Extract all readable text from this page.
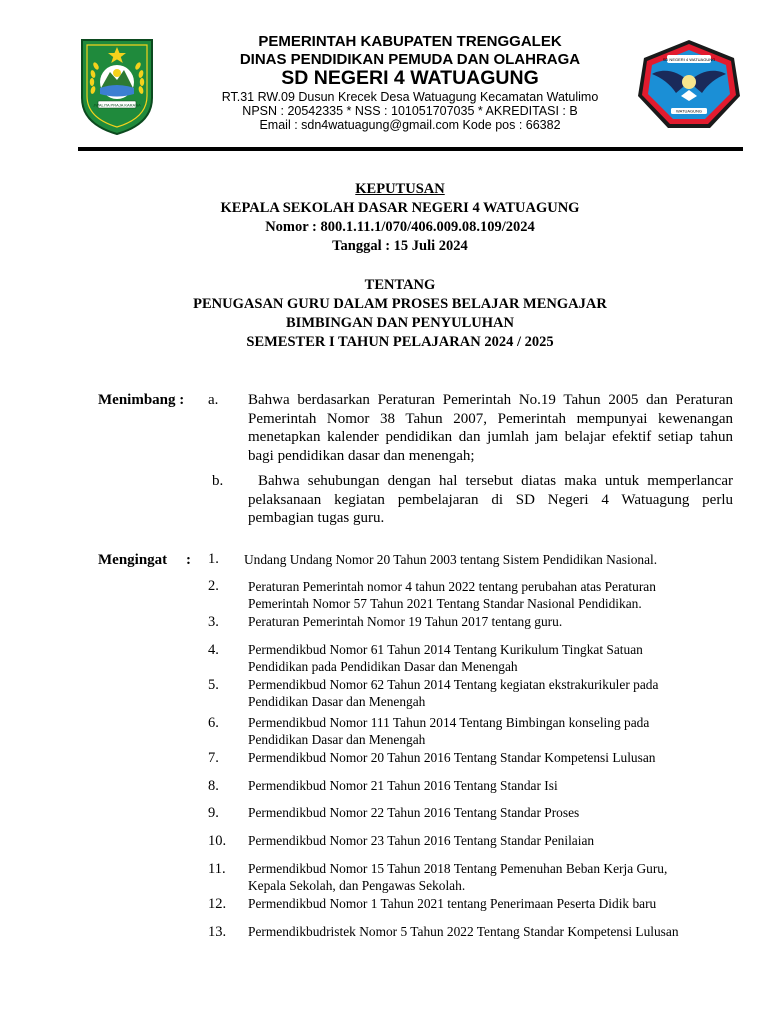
JWALITA PRAJA KARANA
PEMERINTAH KABUPATEN TRENGGALEK
DINAS PENDIDIKAN PEMUDA DAN OLAHRAGA
SD NEGERI 4 WATUAGUNG
RT.31 RW.09 Dusun Krecek Desa Watuagung Kecamatan Watulimo
NPSN : 20542335 * NSS : 101051707035 * AKREDITASI : B
Email : sdn4watuagung@gmail.com Kode pos : 66382
SD NEGERI 4 WATUAGUNG
WATUAGUNG
KEPUTUSAN
KEPALA SEKOLAH DASAR NEGERI 4 WATUAGUNG
Nomor : 800.1.11.1/070/406.009.08.109/2024
Tanggal : 15 Juli 2024
TENTANG
PENUGASAN GURU DALAM PROSES BELAJAR MENGAJAR
BIMBINGAN DAN PENYULUHAN
SEMESTER I TAHUN PELAJARAN 2024 / 2025
Menimbang : a. Bahwa berdasarkan Peraturan Pemerintah No.19 Tahun 2005 dan Peraturan
Pemerintah Nomor 38 Tahun 2007, Pemerintah mempunyai kewenangan
menetapkan kalender pendidikan dan jumlah jam belajar efektif setiap tahun
bagi pendidikan dasar dan menengah;
b.	Bahwa sehubungan dengan hal tersebut diatas maka untuk memperlancar
pelaksanaan kegiatan pembelajaran di SD Negeri 4 Watuagung perlu
pembagian tugas guru.
Mengingat : 1. Undang Undang Nomor 20 Tahun 2003 tentang Sistem Pendidikan Nasional.
2. Peraturan Pemerintah nomor 4 tahun 2022 tentang perubahan atas Peraturan
Pemerintah Nomor 57 Tahun 2021 Tentang Standar Nasional Pendidikan.
3. Peraturan Pemerintah Nomor 19 Tahun 2017 tentang guru.
4. Permendikbud Nomor 61 Tahun 2014 Tentang Kurikulum Tingkat Satuan
Pendidikan pada Pendidikan Dasar dan Menengah
5. Permendikbud Nomor 62 Tahun 2014 Tentang kegiatan ekstrakurikuler pada
Pendidikan Dasar dan Menengah
6. Permendikbud Nomor 111 Tahun 2014 Tentang Bimbingan konseling pada
Pendidikan Dasar dan Menengah
7. Permendikbud Nomor 20 Tahun 2016 Tentang Standar Kompetensi Lulusan
8. Permendikbud Nomor 21 Tahun 2016 Tentang Standar Isi
9. Permendikbud Nomor 22 Tahun 2016 Tentang Standar Proses
10. Permendikbud Nomor 23 Tahun 2016 Tentang Standar Penilaian
11. Permendikbud Nomor 15 Tahun 2018 Tentang Pemenuhan Beban Kerja Guru,
Kepala Sekolah, dan Pengawas Sekolah.
12. Permendikbud Nomor 1 Tahun 2021 tentang Penerimaan Peserta Didik baru
13. Permendikbudristek Nomor 5 Tahun 2022 Tentang Standar Kompetensi Lulusan
